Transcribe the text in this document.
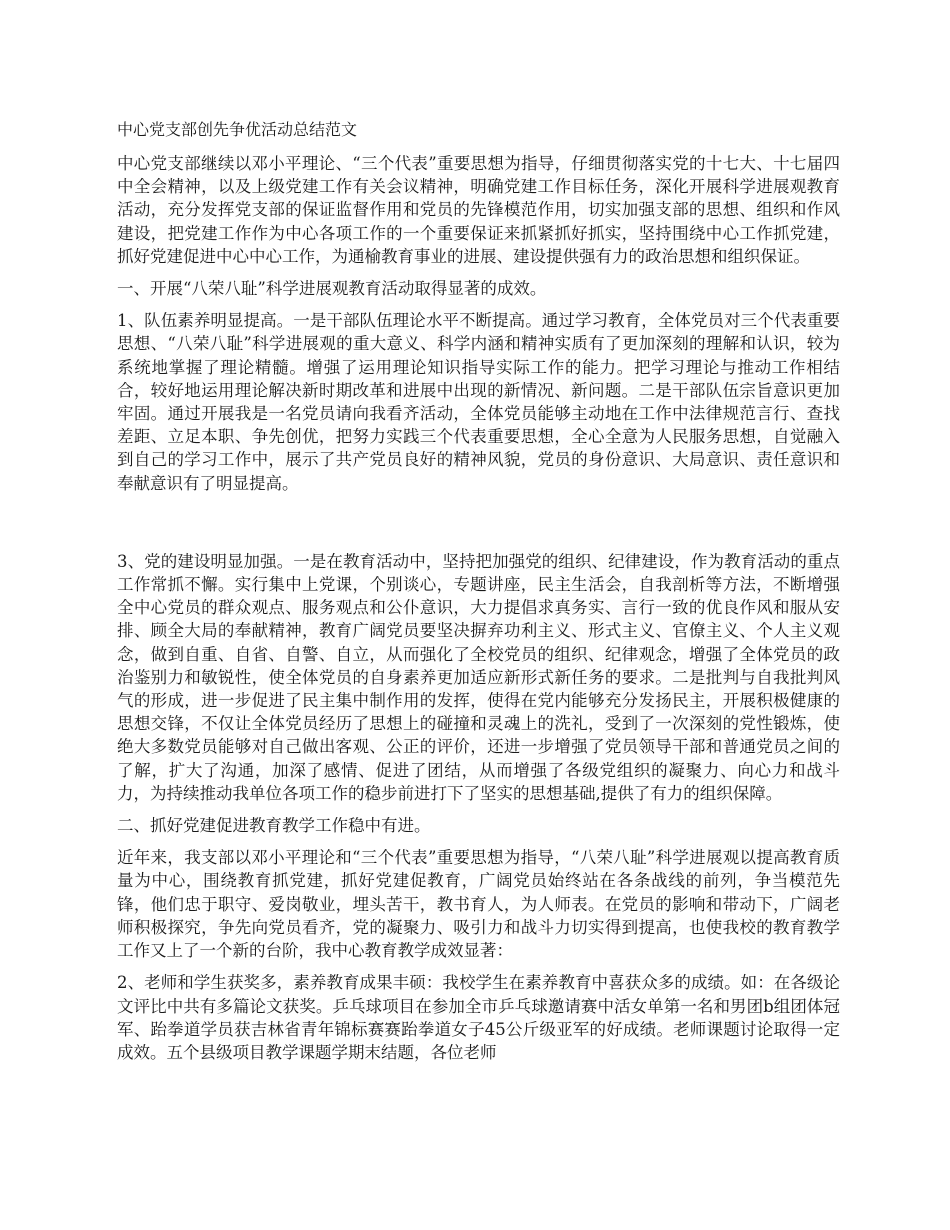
中心党支部创先争优活动总结范文

中心党支部继续以邓小平理论、“三个代表”重要思想为指导，仔细贯彻落实党的十七大、十七届四中全会精神，以及上级党建工作有关会议精神，明确党建工作目标任务，深化开展科学进展观教育活动，充分发挥党支部的保证监督作用和党员的先锋模范作用，切实加强支部的思想、组织和作风建设，把党建工作作为中心各项工作的一个重要保证来抓紧抓好抓实，坚持围绕中心工作抓党建，抓好党建促进中心中心工作，为通榆教育事业的进展、建设提供强有力的政治思想和组织保证。

一、开展“八荣八耻”科学进展观教育活动取得显著的成效。

1、队伍素养明显提高。一是干部队伍理论水平不断提高。通过学习教育，全体党员对三个代表重要思想、“八荣八耻”科学进展观的重大意义、科学内涵和精神实质有了更加深刻的理解和认识，较为系统地掌握了理论精髓。增强了运用理论知识指导实际工作的能力。把学习理论与推动工作相结合，较好地运用理论解决新时期改革和进展中出现的新情况、新问题。二是干部队伍宗旨意识更加牢固。通过开展我是一名党员请向我看齐活动，全体党员能够主动地在工作中法律规范言行、查找差距、立足本职、争先创优，把努力实践三个代表重要思想，全心全意为人民服务思想，自觉融入到自己的学习工作中，展示了共产党员良好的精神风貌，党员的身份意识、大局意识、责任意识和奉献意识有了明显提高。

3、党的建设明显加强。一是在教育活动中，坚持把加强党的组织、纪律建设，作为教育活动的重点工作常抓不懈。实行集中上党课，个别谈心，专题讲座，民主生活会，自我剖析等方法，不断增强全中心党员的群众观点、服务观点和公仆意识，大力提倡求真务实、言行一致的优良作风和服从安排、顾全大局的奉献精神，教育广阔党员要坚决摒弃功利主义、形式主义、官僚主义、个人主义观念，做到自重、自省、自警、自立，从而强化了全校党员的组织、纪律观念，增强了全体党员的政治鉴别力和敏锐性，使全体党员的自身素养更加适应新形式新任务的要求。二是批判与自我批判风气的形成，进一步促进了民主集中制作用的发挥，使得在党内能够充分发扬民主，开展积极健康的思想交锋，不仅让全体党员经历了思想上的碰撞和灵魂上的洗礼，受到了一次深刻的党性锻炼，使绝大多数党员能够对自己做出客观、公正的评价，还进一步增强了党员领导干部和普通党员之间的了解，扩大了沟通，加深了感情、促进了团结，从而增强了各级党组织的凝聚力、向心力和战斗力，为持续推动我单位各项工作的稳步前进打下了坚实的思想基础,提供了有力的组织保障。

二、抓好党建促进教育教学工作稳中有进。

近年来，我支部以邓小平理论和“三个代表”重要思想为指导，“八荣八耻”科学进展观以提高教育质量为中心，围绕教育抓党建，抓好党建促教育，广阔党员始终站在各条战线的前列，争当模范先锋，他们忠于职守、爱岗敬业，埋头苦干，教书育人，为人师表。在党员的影响和带动下，广阔老师积极探究，争先向党员看齐，党的凝聚力、吸引力和战斗力切实得到提高，也使我校的教育教学工作又上了一个新的台阶，我中心教育教学成效显著：

2、老师和学生获奖多，素养教育成果丰硕：我校学生在素养教育中喜获众多的成绩。如：在各级论文评比中共有多篇论文获奖。乒乓球项目在参加全市乒乓球邀请赛中活女单第一名和男团b组团体冠军、跆拳道学员获吉林省青年锦标赛赛跆拳道女子45公斤级亚军的好成绩。老师课题讨论取得一定成效。五个县级项目教学课题学期末结题，各位老师
